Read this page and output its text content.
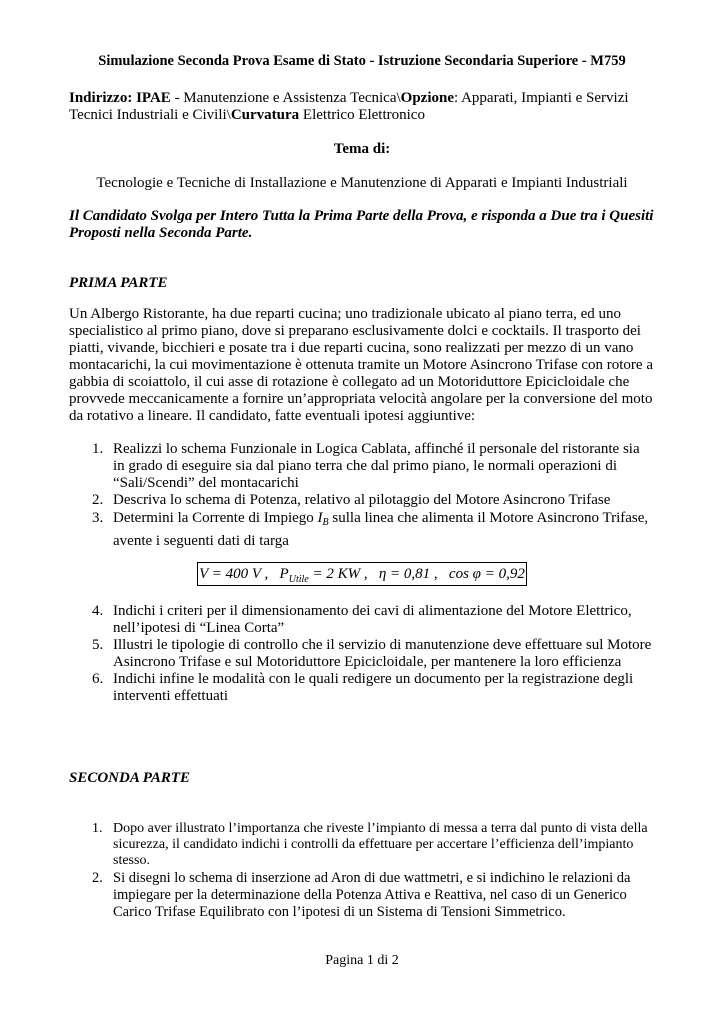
Simulazione Seconda Prova Esame di Stato - Istruzione Secondaria Superiore - M759
Indirizzo: IPAE - Manutenzione e Assistenza Tecnica\Opzione: Apparati, Impianti e Servizi Tecnici Industriali e Civili\Curvatura Elettrico Elettronico
Tema di:
Tecnologie e Tecniche di Installazione e Manutenzione di Apparati e Impianti Industriali
Il Candidato Svolga per Intero Tutta la Prima Parte della Prova, e risponda a Due tra i Quesiti Proposti nella Seconda Parte.
PRIMA PARTE
Un Albergo Ristorante, ha due reparti cucina; uno tradizionale ubicato al piano terra, ed uno specialistico al primo piano, dove si preparano esclusivamente dolci e cocktails. Il trasporto dei piatti, vivande, bicchieri e posate tra i due reparti cucina, sono realizzati per mezzo di un vano montacarichi, la cui movimentazione è ottenuta tramite un Motore Asincrono Trifase con rotore a gabbia di scoiattolo, il cui asse di rotazione è collegato ad un Motoriduttore Epicicloidale che provvede meccanicamente a fornire un’appropriata velocità angolare per la conversione del moto da rotativo a lineare. Il candidato, fatte eventuali ipotesi aggiuntive:
1. Realizzi lo schema Funzionale in Logica Cablata, affinché il personale del ristorante sia in grado di eseguire sia dal piano terra che dal primo piano, le normali operazioni di “Sali/Scendi” del montacarichi
2. Descriva lo schema di Potenza, relativo al pilotaggio del Motore Asincrono Trifase
3. Determini la Corrente di Impiego $I_B$ sulla linea che alimenta il Motore Asincrono Trifase, avente i seguenti dati di targa
V = 400 V ,   $P_{Utile} = 2$ KW ,   η = 0,81 ,   cos φ = 0,92
4. Indichi i criteri per il dimensionamento dei cavi di alimentazione del Motore Elettrico, nell’ipotesi di “Linea Corta”
5. Illustri le tipologie di controllo che il servizio di manutenzione deve effettuare sul Motore Asincrono Trifase e sul Motoriduttore Epicicloidale, per mantenere la loro efficienza
6. Indichi infine le modalità con le quali redigere un documento per la registrazione degli interventi effettuati
SECONDA PARTE
1. Dopo aver illustrato l’importanza che riveste l’impianto di messa a terra dal punto di vista della sicurezza, il candidato indichi i controlli da effettuare per accertare l’efficienza dell’impianto stesso.
2. Si disegni lo schema di inserzione ad Aron di due wattmetri, e si indichino le relazioni da impiegare per la determinazione della Potenza Attiva e Reattiva, nel caso di un Generico Carico Trifase Equilibrato con l’ipotesi di un Sistema di Tensioni Simmetrico.
Pagina 1 di 2
